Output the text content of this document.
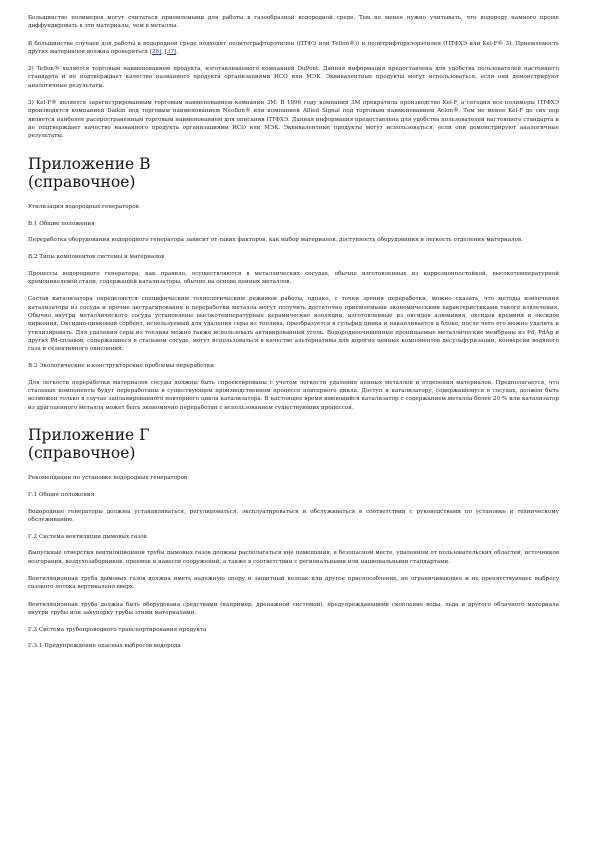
Большинство полимеров могут считаться приемлемыми для работы в газообразной водородной среде. Тем не менее нужно учитывать, что водороду намного проще диффундировать в эти материалы, чем в металлы.

В большинстве случаев для работы в водородной среде подходят политетрафторэтилен (ПТФЭ или Teflon®)) и политрифторхлорэтилен (ПТФХЭ или Kel-F® 3). Приемлемость других материалов должна проверяться [28], [37].

2) Teflon® является торговым наименованием продукта, изготавливаемого компанией DuPont. Данная информация предоставлена для удобства пользователей настоящего стандарта и не подтверждает качество названного продукта организациями ИСО или МЭК. Эквивалентные продукты могут использоваться, если они демонстрируют аналогичные результаты.

3) Kel-F® является зарегистрированным торговым наименованием компании 3M. В 1996 году компания 3M прекратила производство Kel-F, а сегодня все полимеры ПТФХЭ производятся компанией Daikin под торговым наименованием Neoflon® или компанией Allied Signal под торговым наименованием Aclon®. Тем не менее Kel-F до сих пор является наиболее распространенным торговым наименованием для описания ПТФХЭ. Данная информация предоставлена для удобства пользователей настоящего стандарта и не подтверждает качество названного продукта организациями ИСО или МЭК. Эквивалентные продукты могут использоваться, если они демонстрируют аналогичные результаты.

Приложение В
(справочное)
Утилизация водородных генераторов
В.1 Общие положения

Переработка оборудования водородного генератора зависит от таких факторов, как выбор материалов, доступность оборудования и легкость отделения материалов.

В.2 Типы компонентов системы и материалов

Процессы водородного генератора, как правило, осуществляются в металлических сосудах, обычно изготовленных из коррозионностойкой, высокотемпературной хромоникелевой стали, содержащей катализаторы, обычно на основе ценных металлов.

Состав катализатора определяется специфическим технологическим режимом работы, однако, с точки зрения переработки, можно сказать, что методы извлечения катализатора из сосуда и прочие экстрагирования и переработки металла могут получить достаточно приемлемыми экономическими характеристиками такого извлечения. Обычно внутри металлического сосуда установлены высокотемпературные керамические изоляции, изготовленные из оксидов алюминия, оксидов кремния и оксидов циркония. Оксидно-цинковый сорбент, используемый для удаления серы из топлива, преобразуется в сульфид цинка и накапливается в блоке, после чего его можно удалить и утилизировать. Для удаления серы из топлива можно также использовать активированный уголь. Водородноочищенные проницаемые металлические мембраны из Pd, PdAg и других Pd-сплавов, содержащиеся в стальном сосуде, могут использоваться в качестве альтернативы для дорогих ценных компонентов десульфуризации, конверсии водяного газа и селективного окисления.

В.3 Экологические и конструкторские проблемы переработки

Для легкости переработки материалов сосуды должны быть спроектированы с учетом легкости удаления ценных металлов и отделения материалов. Предполагается, что стальные компоненты будут переработаны в существующем производственном процессе повторного цикла. Доступ к катализатору, содержащемуся в сосудах, должен быть возможен только в случае запланированного повторного цикла катализатора. В настоящее время имеющийся катализатор с содержанием металла более 20 % или катализатор из драгоценного металла может быть экономично переработан с использованием существующих процессов.

Приложение Г
(справочное)
Рекомендации по установке водородных генераторов
Г.1 Общие положения

Водородные генераторы должны устанавливаться, регулироваться, эксплуатироваться и обслуживаться в соответствии с руководствами по установке и техническому обслуживанию.

Г.2 Система вентиляции дымовых газов

Выпускные отверстия вентиляционной трубы дымовых газов должны располагаться вне помещения, в безопасном месте, удаленном от пользовательских областей, источников возгорания, воздухозаборников, проемов и навесов сооружений, а также в соответствии с региональными или национальными стандартами.

Вентиляционная труба дымовых газов должна иметь надежную опору и защитный колпак или другое приспособление, не ограничивающее и не препятствующее выбросу газового потока вертикально вверх.

Вентиляционная труба должна быть оборудована средствами (например, дренажной системой), предупреждающими скопление воды, льда и другого облачного материала внутри трубы или закупорку трубы этими материалами.

Г.3 Система трубопроводного транспортирования продукта
Г.3.1 Предупреждение опасных выбросов водорода
